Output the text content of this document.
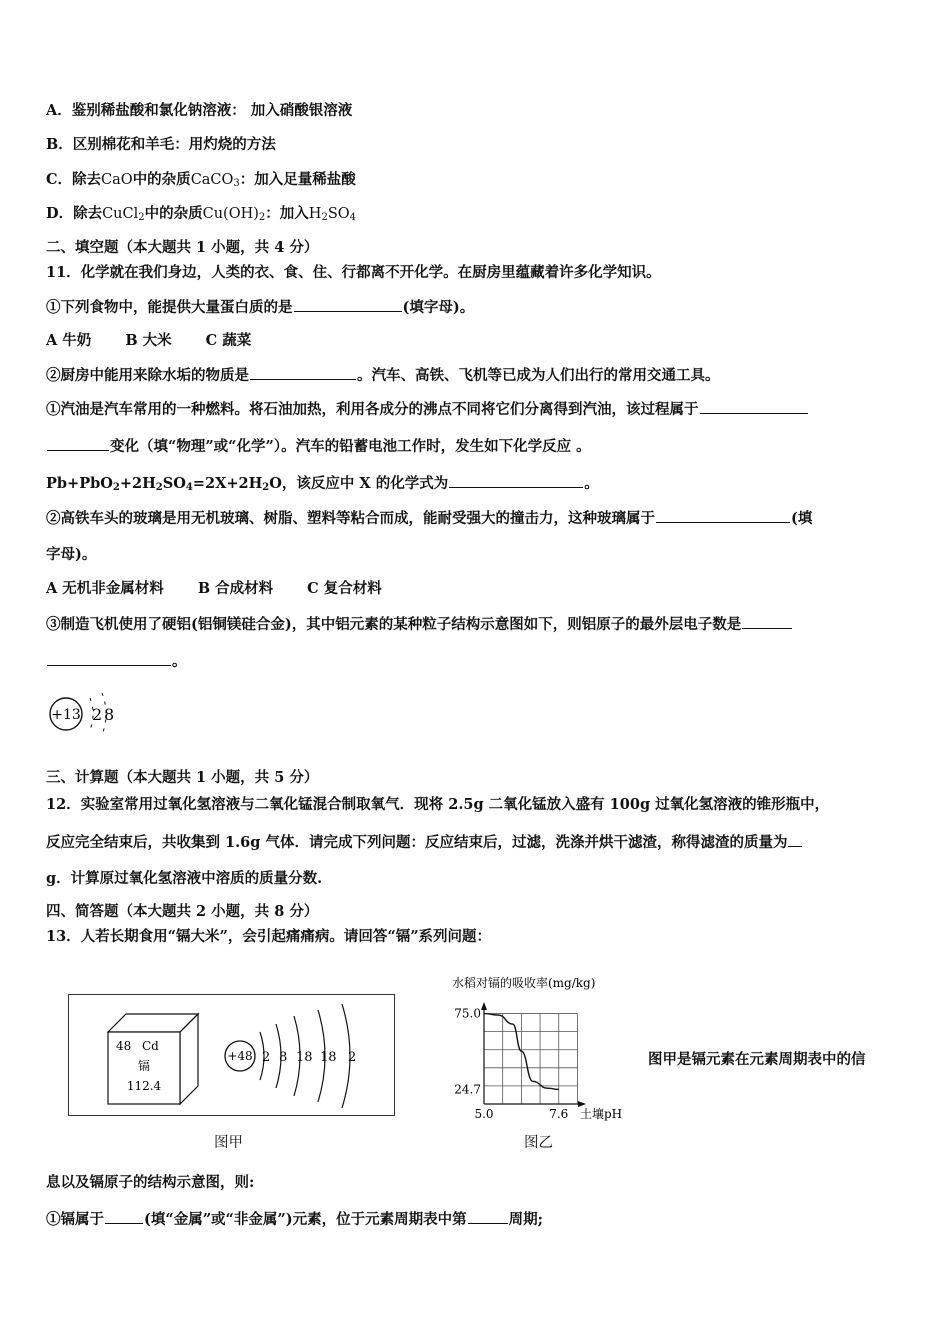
A．鉴别稀盐酸和氯化钠溶液： 加入硝酸银溶液
B．区别棉花和羊毛：用灼烧的方法
C．除去CaO中的杂质CaCO$_3$：加入足量稀盐酸
D．除去CuCl$_2$中的杂质$Cu(OH)_2$：加入$H_2SO_4$
二、填空题（本大题共 1 小题，共 4 分）
11．化学就在我们身边，人类的衣、食、住、行都离不开化学。在厨房里蕴藏着许多化学知识。
①下列食物中，能提供大量蛋白质的是	(填字母)。
A 牛奶 B 大米 C 蔬菜
②厨房中能用来除水垢的物质是	。汽车、高铁、飞机等已成为人们出行的常用交通工具。
①汽油是汽车常用的一种燃料。将石油加热，利用各成分的沸点不同将它们分离得到汽油，该过程属于
变化（填“物理”或“化学”）。汽车的铅蓄电池工作时，发生如下化学反应 。
$Pb+PbO_2+2H_2SO_4=2X+2H_2O$，该反应中 X 的化学式为	。
②高铁车头的玻璃是用无机玻璃、树脂、塑料等粘合而成，能耐受强大的撞击力，这种玻璃属于	(填
字母)。
A 无机非金属材料 B 合成材料 C 复合材料
③制造飞机使用了硬铝(铝铜镁硅合金)，其中铝元素的某种粒子结构示意图如下，则铝原子的最外层电子数是
。
+13 2 8
三、计算题（本大题共 1 小题，共 5 分）
12．实验室常用过氧化氢溶液与二氧化锰混合制取氧气．现将 2.5g 二氧化锰放入盛有 100g 过氧化氢溶液的锥形瓶中，
反应完全结束后，共收集到 1.6g 气体．请完成下列问题：反应结束后，过滤，洗涤并烘干滤渣，称得滤渣的质量为
g．计算原过氧化氢溶液中溶质的质量分数.
四、简答题（本大题共 2 小题，共 8 分）
13．人若长期食用“镉大米”，会引起痛痛病。请回答“镉”系列问题：
48 Cd
镉
112.4
+48 2 8 18 18 2
图甲
水稻对镉的吸收率(mg/kg)
75.0
24.7
5.0	7.6 土壤pH
图乙
图甲是镉元素在元素周期表中的信
息以及镉原子的结构示意图，则:
①镉属于	(填“金属”或“非金属”)元素，位于元素周期表中第	周期;
